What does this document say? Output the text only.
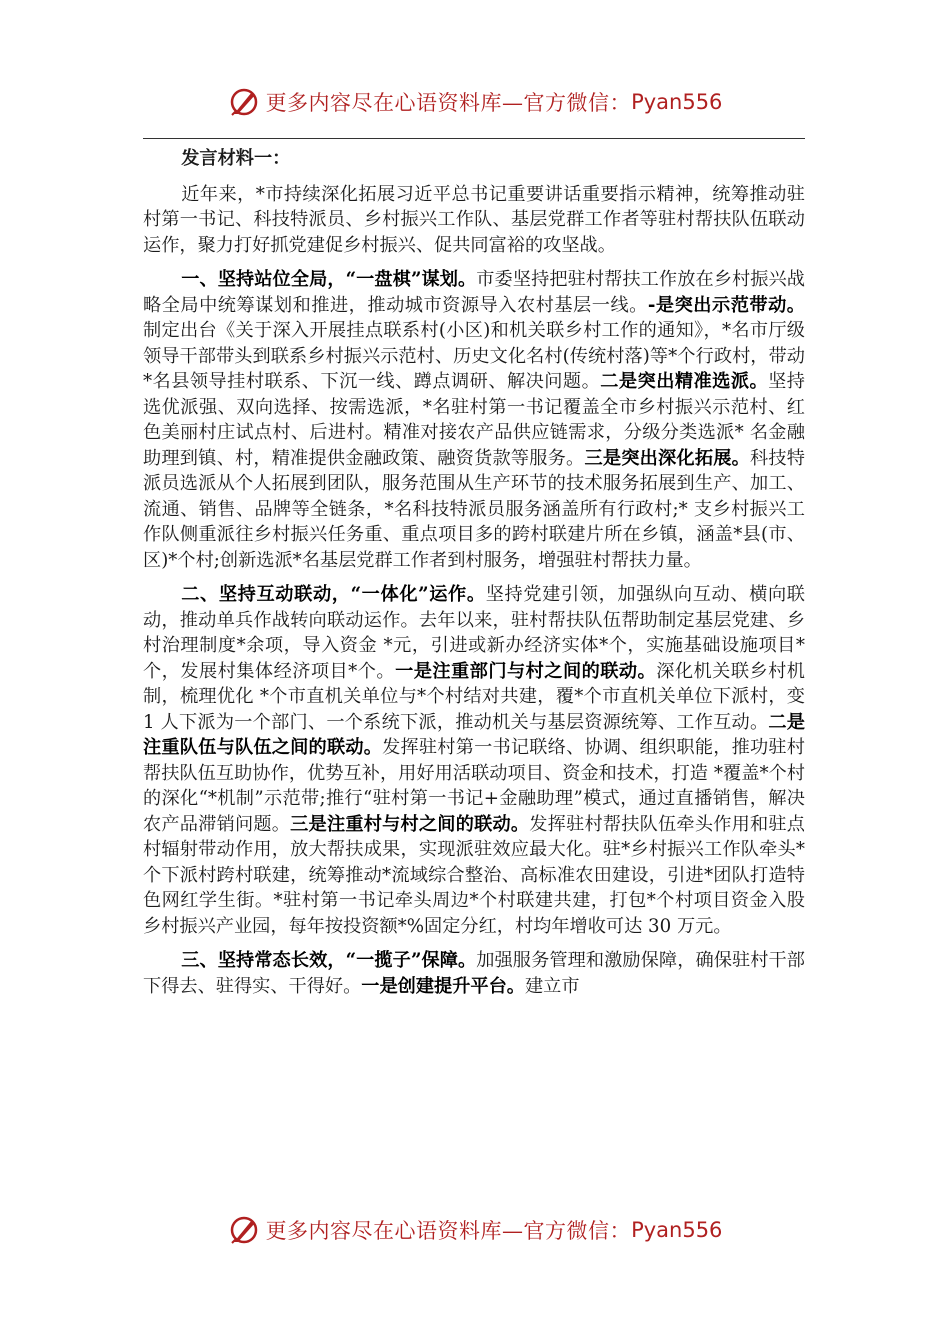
更多内容尽在心语资料库—官方微信： Pyan556
发言材料一：

近年来，*市持续深化拓展习近平总书记重要讲话重要指示精神，统筹推动驻村第一书记、科技特派员、乡村振兴工作队、基层党群工作者等驻村帮扶队伍联动运作，聚力打好抓党建促乡村振兴、促共同富裕的攻坚战。

一、坚持站位全局，“一盘棋”谋划。市委坚持把驻村帮扶工作放在乡村振兴战略全局中统筹谋划和推进，推动城市资源导入农村基层一线。-是突出示范带动。制定出台《关于深入开展挂点联系村(小区)和机关联乡村工作的通知》，*名市厅级领导干部带头到联系乡村振兴示范村、历史文化名村(传统村落)等*个行政村，带动*名县领导挂村联系、下沉一线、蹲点调研、解决问题。二是突出精准选派。坚持选优派强、双向选择、按需选派，*名驻村第一书记覆盖全市乡村振兴示范村、红色美丽村庄试点村、后进村。精准对接农产品供应链需求，分级分类选派* 名金融助理到镇、村，精准提供金融政策、融资货款等服务。三是突出深化拓展。科技特派员选派从个人拓展到团队，服务范围从生产环节的技术服务拓展到生产、加工、流通、销售、品牌等全链条，*名科技特派员服务涵盖所有行政村;* 支乡村振兴工作队侧重派往乡村振兴任务重、重点项目多的跨村联建片所在乡镇，涵盖*县(市、区)*个村;创新选派*名基层党群工作者到村服务，增强驻村帮扶力量。

二、坚持互动联动，“一体化”运作。坚持党建引领，加强纵向互动、横向联动，推动单兵作战转向联动运作。去年以来，驻村帮扶队伍帮助制定基层党建、乡村治理制度*余项，导入资金 *元，引进或新办经济实体*个，实施基础设施项目*个，发展村集体经济项目*个。一是注重部门与村之间的联动。深化机关联乡村机制，梳理优化 *个市直机关单位与*个村结对共建，覆*个市直机关单位下派村，变 1 人下派为一个部门、一个系统下派，推动机关与基层资源统筹、工作互动。二是注重队伍与队伍之间的联动。发挥驻村第一书记联络、协调、组织职能，推功驻村帮扶队伍互助协作，优势互补，用好用活联动项目、资金和技术，打造 *覆盖*个村的深化“*机制”示范带;推行“驻村第一书记+金融助理”模式，通过直播销售，解决农产品滞销问题。三是注重村与村之间的联动。发挥驻村帮扶队伍牵头作用和驻点村辐射带动作用，放大帮扶成果，实现派驻效应最大化。驻*乡村振兴工作队牵头*个下派村跨村联建，统筹推动*流域综合整治、高标准农田建设，引进*团队打造特色网红学生街。*驻村第一书记牵头周边*个村联建共建，打包*个村项目资金入股乡村振兴产业园，每年按投资额*%固定分红，村均年增收可达 30 万元。

三、坚持常态长效，“一揽子”保障。加强服务管理和激励保障，确保驻村干部下得去、驻得实、干得好。一是创建提升平台。建立市

更多内容尽在心语资料库—官方微信： Pyan556
